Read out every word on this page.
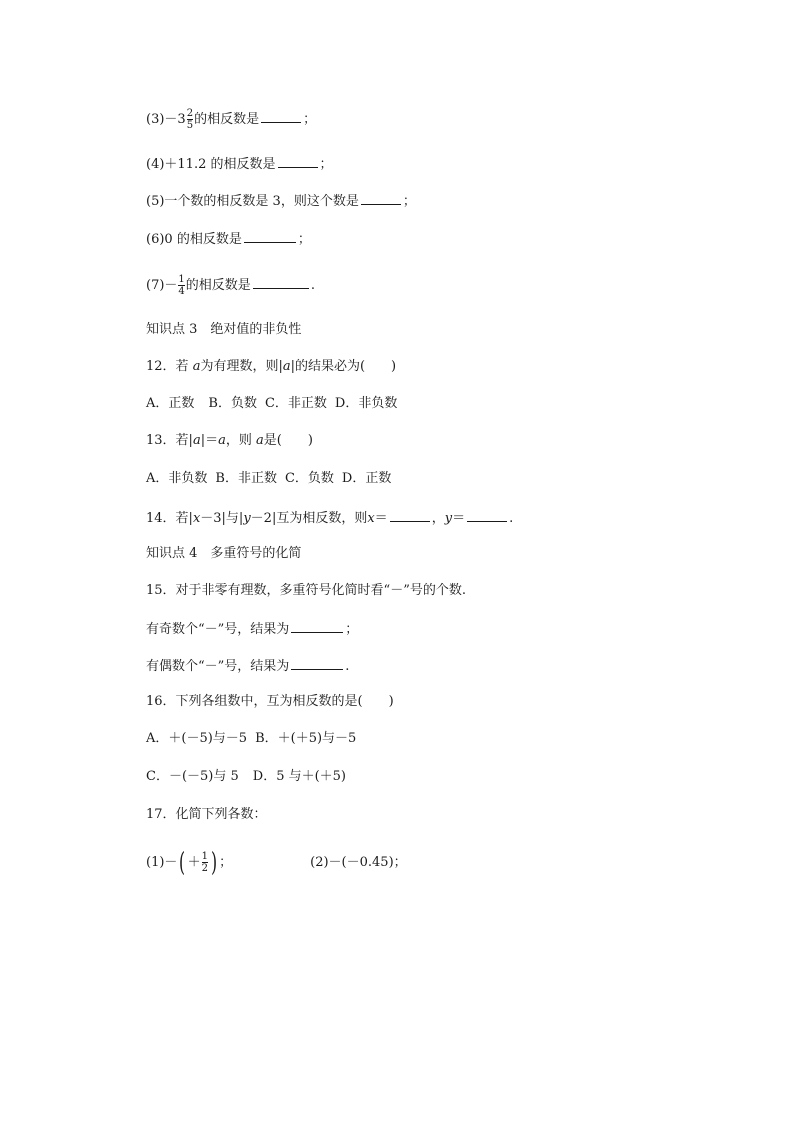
$(3)-3 \frac{2}{5}$ 的相反数是	；
(4)＋11.2 的相反数是	；
(5)一个数的相反数是 3，则这个数是	；
(6)0 的相反数是	；
$(7)- \frac{1}{4}$ 的相反数是	.
知识点 3　绝对值的非负性
12．若 a为有理数，则|a|的结果必为(　　)
A．正数 B．负数 C．非正数 D．非负数
13．若|a|＝a，则 a是(　　)
A．非负数 B．非正数 C．负数 D．正数
14．若|x－3|与|y－2|互为相反数，则x＝	，y＝	.
知识点 4　多重符号的化简
15．对于非零有理数，多重符号化简时看“－”号的个数.
有奇数个“－”号，结果为	；
有偶数个“－”号，结果为	.
16．下列各组数中，互为相反数的是(　　)
A．＋(－5)与－5 B．＋(＋5)与－5
C．－(－5)与 5 D．5 与＋(＋5)
17．化简下列各数：
$(1)-( + \frac{1}{2}$ ) ；	(2)－(－0.45)；
